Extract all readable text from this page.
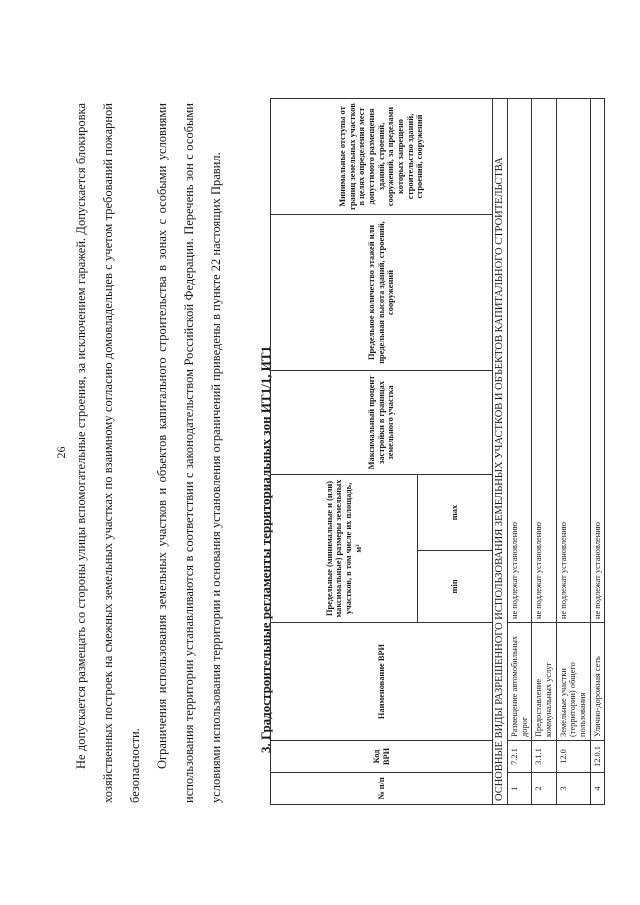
26 Не допускается размещать со стороны улицы вспомогательные строения, за исключением гаражей. Допускается блокировка хозяйственных построек на смежных земельных участках по взаимному согласию домовладельцев с учетом требований пожарной безопасности.	Ограничения использования земельных участков и объектов капитального строительства в зонах с особыми условиями использования территории устанавливаются в соответствии с законодательством Российской Федерации. Перечень зон с особыми условиями использования территории и основания установления ограничений приведены в пункте 22 настоящих Правил.	3. Градостроительные регламенты территориальных зон ИТ1/1, ИТ1
№ п/п	Код ВРИ	Наименование ВРИ	Предельные (минимальные и (или) максимальные) размеры земельных участков, в том числе их площадь, м²		Максимальный процент застройки в границах земельного участка	Предельное количество этажей или предельная высота зданий, строений, сооружений	Минимальные отступы от границ земельных участков в целях определения мест допустимого размещения зданий, строений, сооружений, за пределами которых запрещено строительство зданий, строений, сооружений
			min	max			
ОСНОВНЫЕ ВИДЫ РАЗРЕШЕННОГО ИСПОЛЬЗОВАНИЯ ЗЕМЕЛЬНЫХ УЧАСТКОВ И ОБЪЕКТОВ КАПИТАЛЬНОГО СТРОИТЕЛЬСТВА							
1	7.2.1	Размещение автомобильных дорог	не подлежат установлению				
2	3.1.1	Предоставление коммунальных услуг	не подлежат установлению				
3	12.0	Земельные участки (территории) общего пользования	не подлежат установлению				
4	12.0.1	Улично-дорожная сеть	не подлежат установлению				
